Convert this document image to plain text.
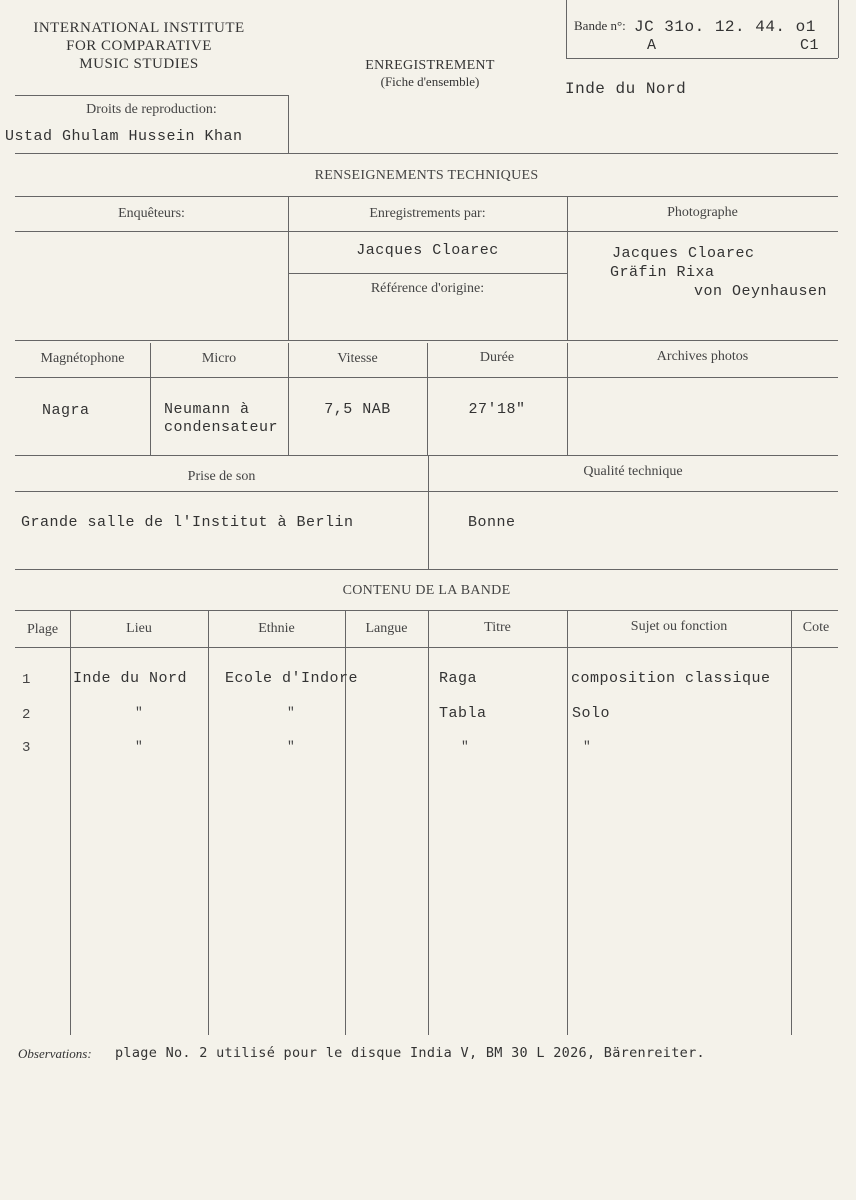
INTERNATIONAL INSTITUTE
FOR COMPARATIVE
MUSIC STUDIES	ENREGISTREMENT
(Fiche d'ensemble)
Bande n°: JC 31o. 12. 44. o1
A	C1
Inde du Nord
Droits de reproduction:
Ustad Ghulam Hussein Khan
RENSEIGNEMENTS TECHNIQUES
Enquêteurs:	Enregistrements par:	Photographe
Jacques Cloarec
Référence d'origine:
Jacques Cloarec
Gräfin Rixa
von Oeynhausen
Magnétophone	Micro	Vitesse	Durée	Archives photos
Nagra	Neumann à
condensateur
7,5 NAB	27'18"
Prise de son	Qualité technique
Grande salle de l'Institut à Berlin	Bonne
CONTENU DE LA BANDE
Plage	Lieu	Ethnie	Langue	Titre	Sujet ou fonction	Cote
1	Inde du Nord	Ecole d'Indore	Raga	composition classique
2	"	"	Tabla	Solo
3	"	"	"	"
Observations: plage No. 2 utilisé pour le disque India V, BM 30 L 2026, Bärenreiter.
